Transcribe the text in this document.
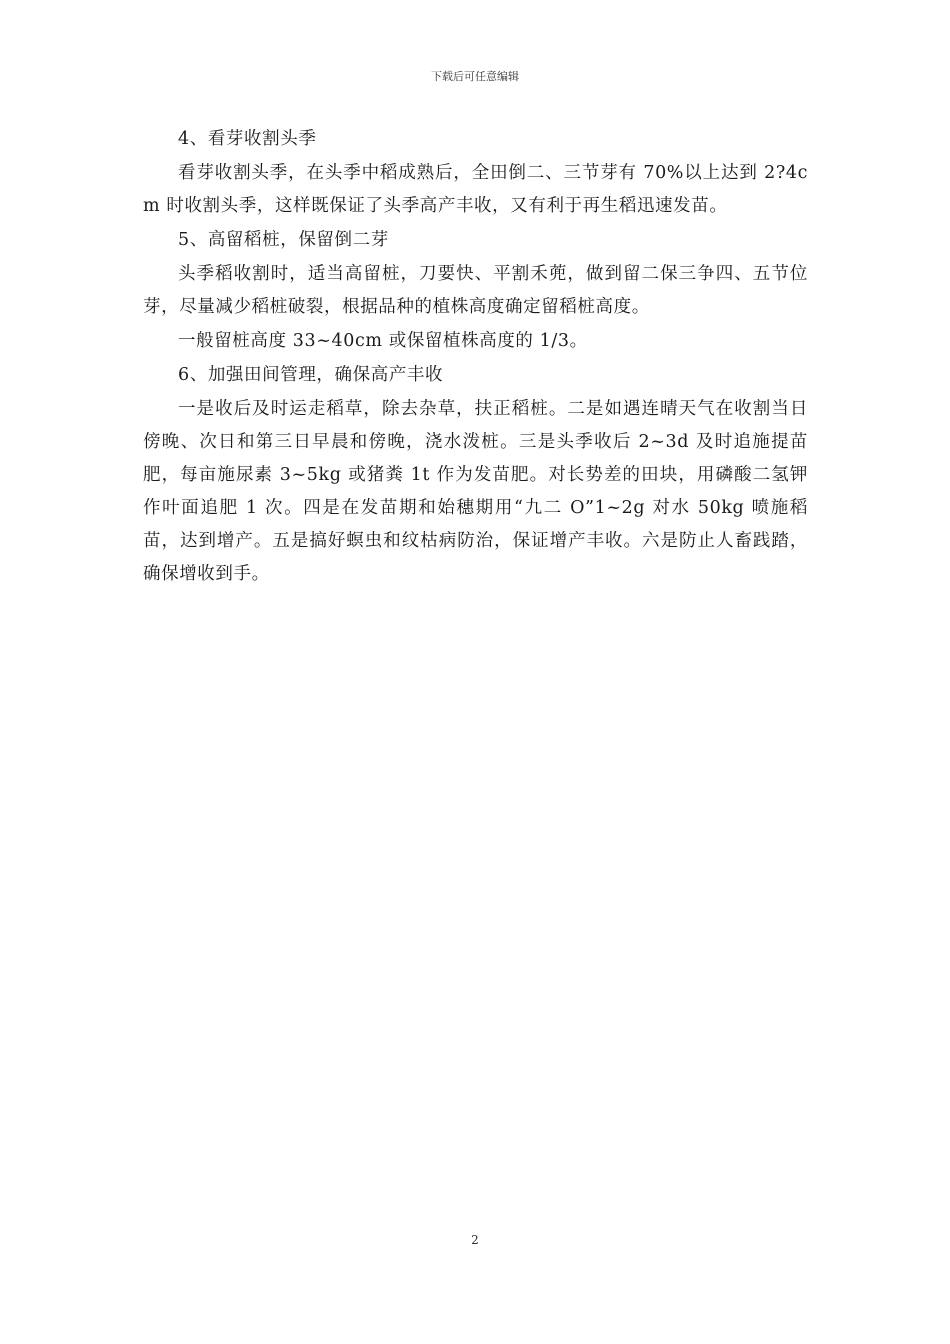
下载后可任意编辑

4、看芽收割头季

看芽收割头季，在头季中稻成熟后，全田倒二、三节芽有 70%以上达到 2?4cm 时收割头季，这样既保证了头季高产丰收，又有利于再生稻迅速发苗。

5、高留稻桩，保留倒二芽

头季稻收割时，适当高留桩，刀要快、平割禾蔸，做到留二保三争四、五节位芽，尽量减少稻桩破裂，根据品种的植株高度确定留稻桩高度。

一般留桩高度 33~40cm 或保留植株高度的 1/3。

6、加强田间管理，确保高产丰收

一是收后及时运走稻草，除去杂草，扶正稻桩。二是如遇连晴天气在收割当日傍晚、次日和第三日早晨和傍晚，浇水泼桩。三是头季收后 2~3d 及时追施提苗肥，每亩施尿素 3~5kg 或猪粪 1t 作为发苗肥。对长势差的田块，用磷酸二氢钾作叶面追肥 1 次。四是在发苗期和始穗期用“九二 O”1~2g 对水 50kg 喷施稻苗，达到增产。五是搞好螟虫和纹枯病防治，保证增产丰收。六是防止人畜践踏，确保增收到手。

2
